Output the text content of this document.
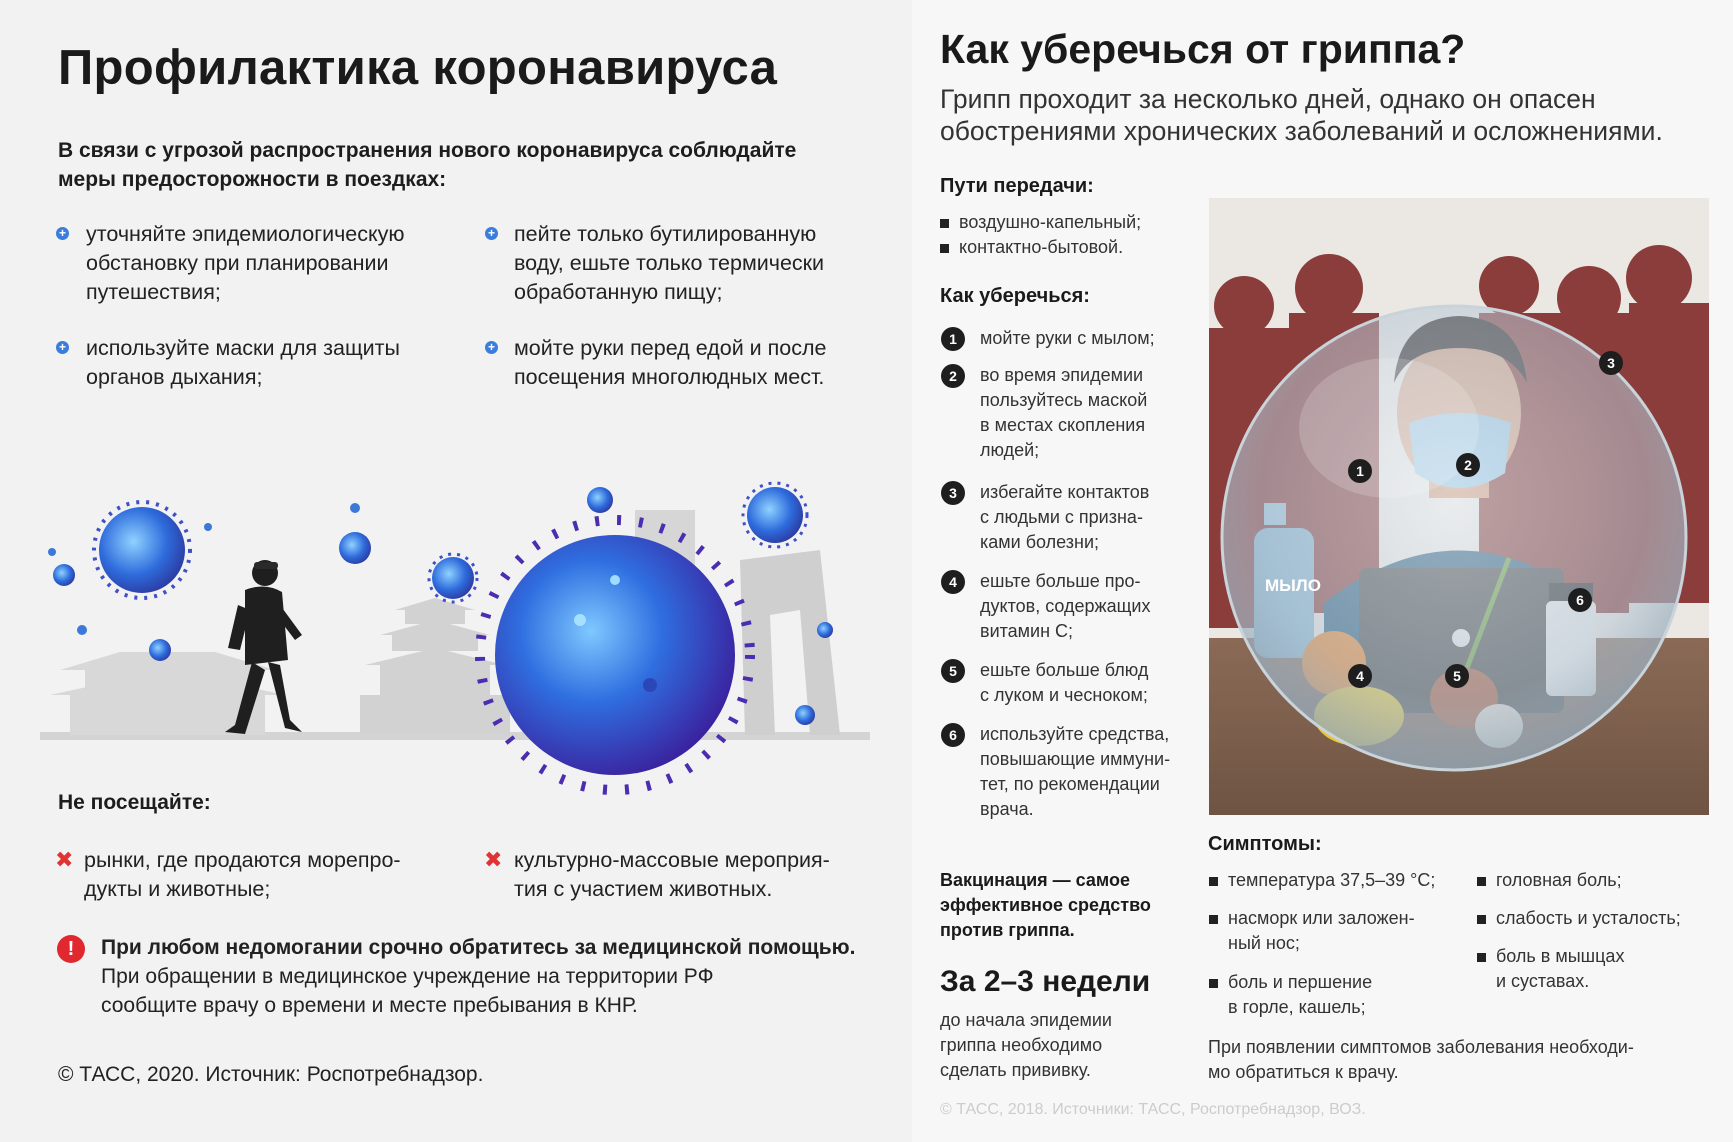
Профилактика коронавируса
В связи с угрозой распространения нового коронавируса соблюдайте
меры предосторожности в поездках:
+ уточняйте эпидемиологическую
обстановку при планировании
путешествия;
+ пейте только бутилированную
воду, ешьте только термически
обработанную пищу;
+ используйте маски для защиты
органов дыхания;
+ мойте руки перед едой и после
посещения многолюдных мест.
Не посещайте:
✖ рынки, где продаются морепро-
дукты и животные;
✖ культурно-массовые мероприя-
тия с участием животных.
!	При любом недомогании срочно обратитесь за медицинской помощью.
При обращении в медицинское учреждение на территории РФ
сообщите врачу о времени и месте пребывания в КНР.
© ТАСС, 2020. Источник: Роспотребнадзор.
Как уберечься от гриппа?
Грипп проходит за несколько дней, однако он опасен
обострениями хронических заболеваний и осложнениями.
Пути передачи:
воздушно-капельный;
контактно-бытовой.
Как уберечься:
1	мойте руки с мылом;
2	во время эпидемии
пользуйтесь маской
в местах скопления
людей;
3	избегайте контактов
с людьми с призна-
ками болезни;
4	ешьте больше про-
дуктов, содержащих
витамин С;
5	ешьте больше блюд
с луком и чесноком;
6	используйте средства,
повышающие иммуни-
тет, по рекомендации
врача.
МЫЛО
1	2
3
4	5
6
Вакцинация — самое
эффективное средство
против гриппа.
За 2–3 недели
до начала эпидемии
гриппа необходимо
сделать прививку.
Симптомы:
температура 37,5–39 °С;
насморк или заложен-
ный нос;
боль и першение
в горле, кашель;
головная боль;
слабость и усталость;
боль в мышцах
и суставах.
При появлении симптомов заболевания необходи-
мо обратиться к врачу.
© ТАСС, 2018. Источники: ТАСС, Роспотребнадзор, ВОЗ.
